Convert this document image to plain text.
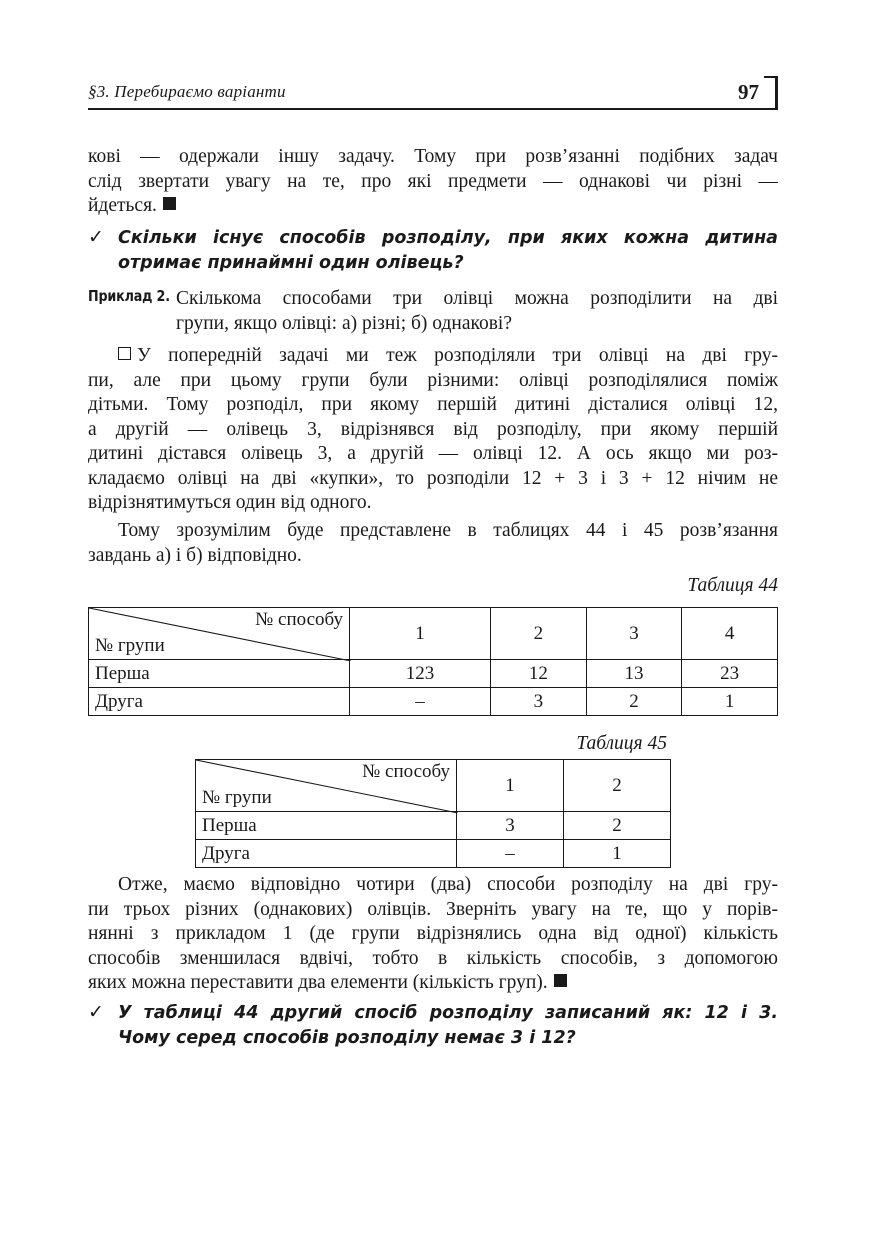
§3. Перебираємо варіанти	97
кові — одержали іншу задачу. Тому при розв’язанні подібних задач
слід звертати увагу на те, про які предмети — однакові чи різні —
йдеться.
✓ Скільки існує способів розподілу, при яких кожна дитина
отримає принаймні один олівець?
Приклад 2. Скількома способами три олівці можна розподілити на дві
групи, якщо олівці: а) різні; б) однакові?
У попередній задачі ми теж розподіляли три олівці на дві гру-
пи, але при цьому групи були різними: олівці розподілялися поміж
дітьми. Тому розподіл, при якому першій дитині дісталися олівці 12,
а другій — олівець 3, відрізнявся від розподілу, при якому першій
дитині дістався олівець 3, а другій — олівці 12. А ось якщо ми роз-
кладаємо олівці на дві «купки», то розподіли 12 + 3 і 3 + 12 нічим не
відрізнятимуться один від одного.
Тому зрозумілим буде представлене в таблицях 44 і 45 розв’язання
завдань а) і б) відповідно.
Таблиця 44
№ способу
№ групи	1	2	3	4
Перша	123	12	13	23
Друга	–	3	2	1
Таблиця 45
№ способу
№ групи	1	2
Перша	3	2
Друга	–	1
Отже, маємо відповідно чотири (два) способи розподілу на дві гру-
пи трьох різних (однакових) олівців. Зверніть увагу на те, що у порів-
нянні з прикладом 1 (де групи відрізнялись одна від одної) кількість
способів зменшилася вдвічі, тобто в кількість способів, з допомогою
яких можна переставити два елементи (кількість груп).
✓ У таблиці 44 другий спосіб розподілу записаний як: 12 і 3.
Чому серед способів розподілу немає 3 і 12?
